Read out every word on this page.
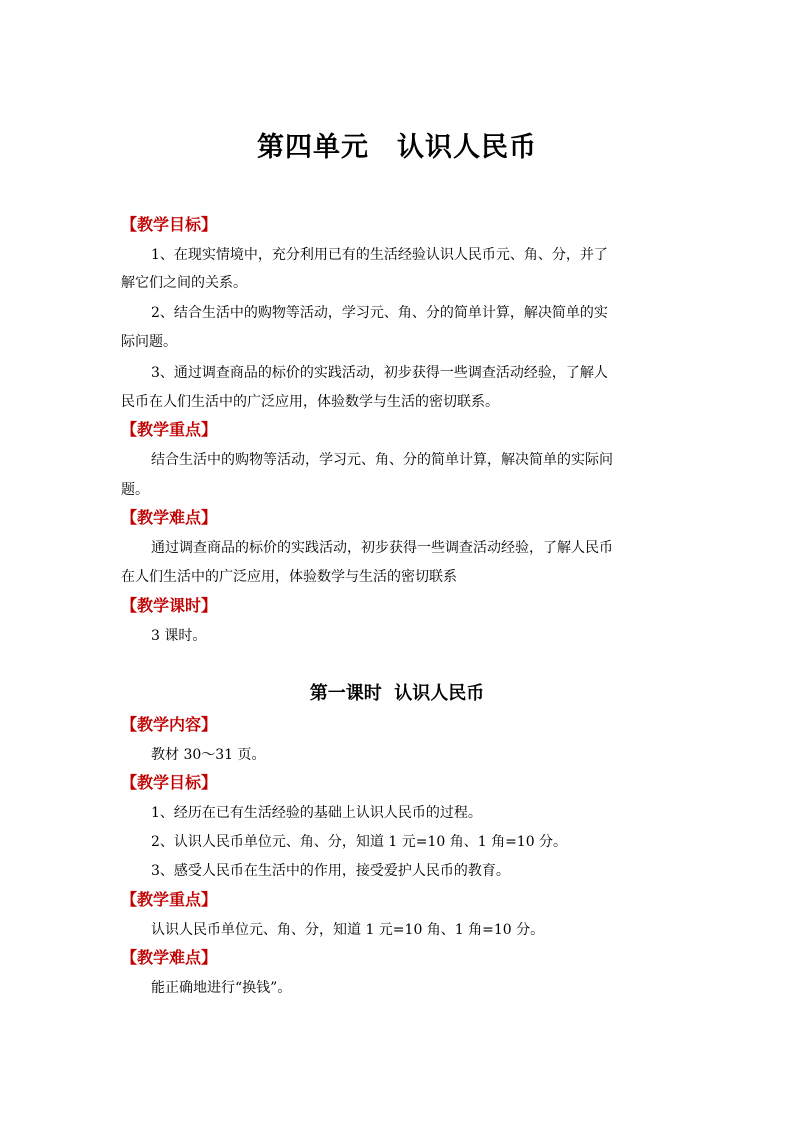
第四单元　认识人民币
【教学目标】
1、在现实情境中，充分利用已有的生活经验认识人民币元、角、分，并了
解它们之间的关系。
2、结合生活中的购物等活动，学习元、角、分的简单计算，解决简单的实
际问题。
3、通过调查商品的标价的实践活动，初步获得一些调查活动经验，了解人
民币在人们生活中的广泛应用，体验数学与生活的密切联系。
【教学重点】
结合生活中的购物等活动，学习元、角、分的简单计算，解决简单的实际问
题。
【教学难点】
通过调查商品的标价的实践活动，初步获得一些调查活动经验，了解人民币
在人们生活中的广泛应用，体验数学与生活的密切联系
【教学课时】
3 课时。
第一课时  认识人民币
【教学内容】
教材 30～31 页。
【教学目标】
1、经历在已有生活经验的基础上认识人民币的过程。
2、认识人民币单位元、角、分，知道 1 元=10 角、1 角=10 分。
3、感受人民币在生活中的作用，接受爱护人民币的教育。
【教学重点】
认识人民币单位元、角、分，知道 1 元=10 角、1 角=10 分。
【教学难点】
能正确地进行“换钱”。
